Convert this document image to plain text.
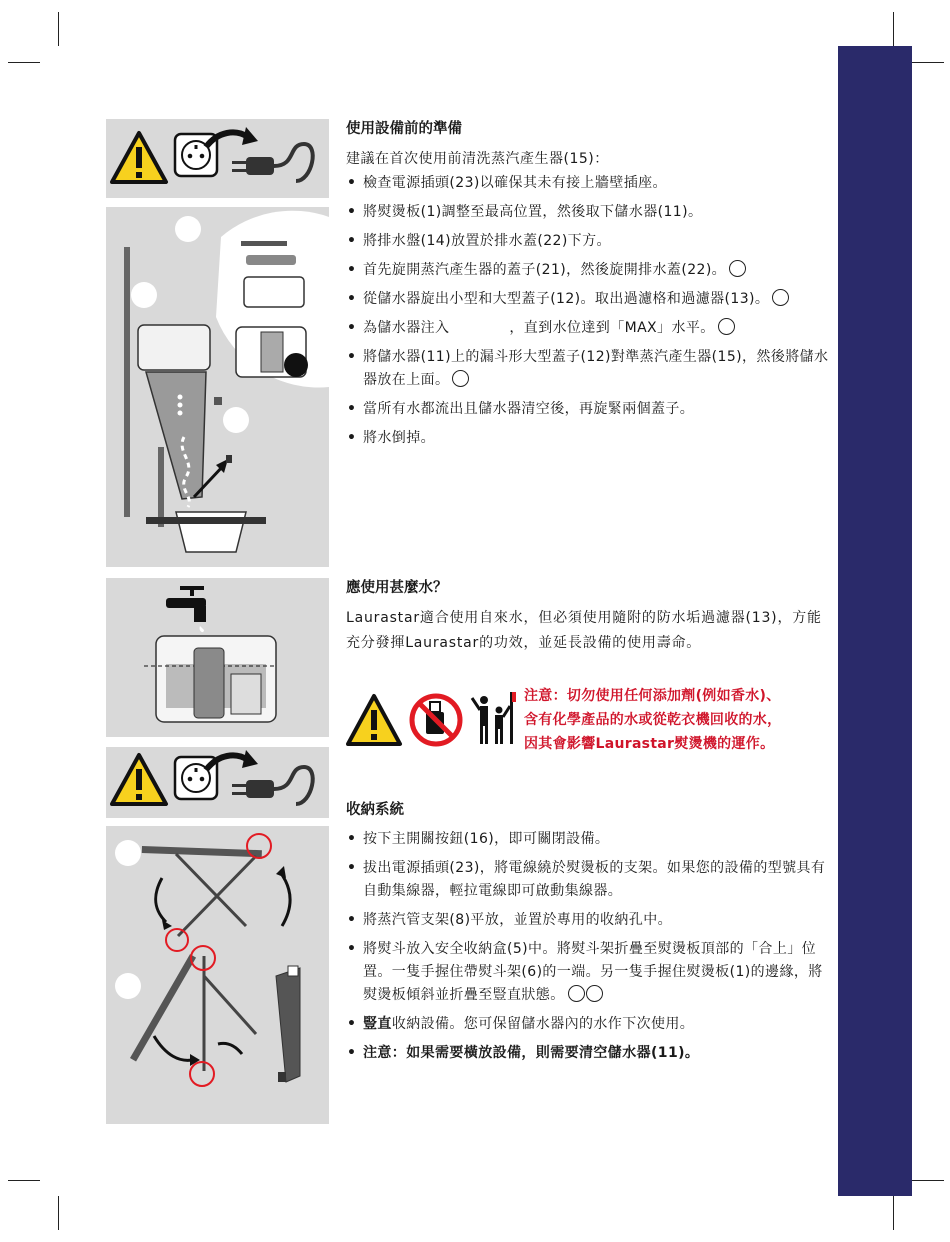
使用設備前的準備

建議在首次使用前清洗蒸汽產生器(15)：

• 檢查電源插頭(23)以確保其未有接上牆壁插座。
• 將熨燙板(1)調整至最高位置，然後取下儲水器(11)。
• 將排水盤(14)放置於排水蓋(22)下方。
• 首先旋開蒸汽產生器的蓋子(21)，然後旋開排水蓋(22)。
• 從儲水器旋出小型和大型蓋子(12)。取出過濾格和過濾器(13)。
• 為儲水器注入	，直到水位達到「MAX」水平。
• 將儲水器(11)上的漏斗形大型蓋子(12)對準蒸汽產生器(15)，然後將儲水器放在上面。
• 當所有水都流出且儲水器清空後，再旋緊兩個蓋子。
• 將水倒掉。

應使用甚麼水？

Laurastar適合使用自來水，但必須使用隨附的防水垢過濾器(13)，方能充分發揮Laurastar的功效，並延長設備的使用壽命。

注意：切勿使用任何添加劑(例如香水)、
含有化學產品的水或從乾衣機回收的水，
因其會影響Laurastar熨燙機的運作。

收納系統

• 按下主開關按鈕(16)，即可關閉設備。
• 拔出電源插頭(23)，將電線繞於熨燙板的支架。如果您的設備的型號具有自動集線器，輕拉電線即可啟動集線器。
• 將蒸汽管支架(8)平放，並置於專用的收納孔中。
• 將熨斗放入安全收納盒(5)中。將熨斗架折疊至熨燙板頂部的「合上」位置。一隻手握住帶熨斗架(6)的一端。另一隻手握住熨燙板(1)的邊緣，將熨燙板傾斜並折疊至豎直狀態。
• 豎直收納設備。您可保留儲水器內的水作下次使用。
• 注意：如果需要橫放設備，則需要清空儲水器(11)。
